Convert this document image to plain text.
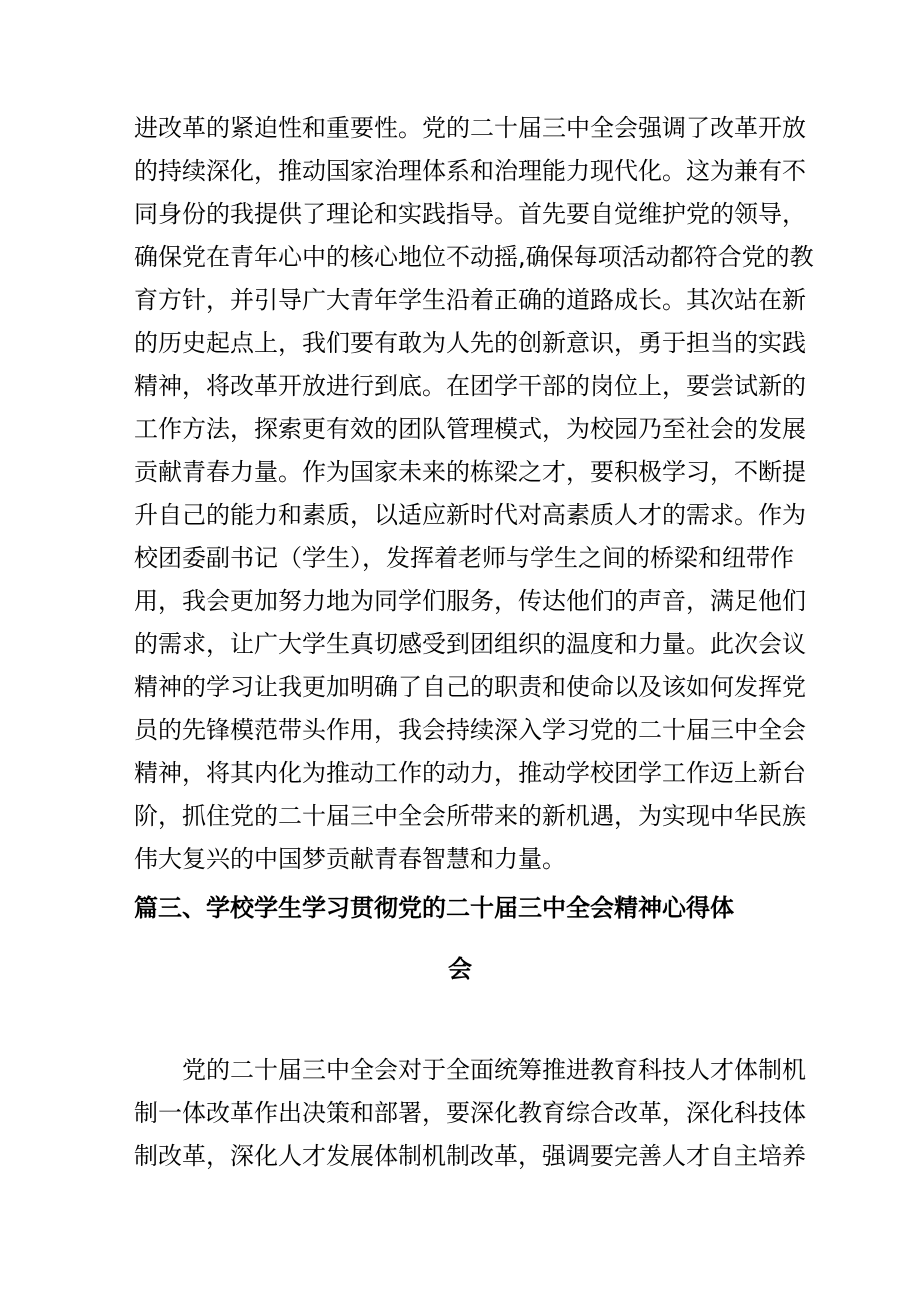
进改革的紧迫性和重要性。党的二十届三中全会强调了改革开放
的持续深化，推动国家治理体系和治理能力现代化。这为兼有不
同身份的我提供了理论和实践指导。首先要自觉维护党的领导，
确保党在青年心中的核心地位不动摇,确保每项活动都符合党的教
育方针，并引导广大青年学生沿着正确的道路成长。其次站在新
的历史起点上，我们要有敢为人先的创新意识，勇于担当的实践
精神，将改革开放进行到底。在团学干部的岗位上，要尝试新的
工作方法，探索更有效的团队管理模式，为校园乃至社会的发展
贡献青春力量。作为国家未来的栋梁之才，要积极学习，不断提
升自己的能力和素质，以适应新时代对高素质人才的需求。作为
校团委副书记（学生），发挥着老师与学生之间的桥梁和纽带作
用，我会更加努力地为同学们服务，传达他们的声音，满足他们
的需求，让广大学生真切感受到团组织的温度和力量。此次会议
精神的学习让我更加明确了自己的职责和使命以及该如何发挥党
员的先锋模范带头作用，我会持续深入学习党的二十届三中全会
精神，将其内化为推动工作的动力，推动学校团学工作迈上新台
阶，抓住党的二十届三中全会所带来的新机遇，为实现中华民族
伟大复兴的中国梦贡献青春智慧和力量。
篇三、学校学生学习贯彻党的二十届三中全会精神心得体
会
党的二十届三中全会对于全面统筹推进教育科技人才体制机
制一体改革作出决策和部署，要深化教育综合改革，深化科技体
制改革，深化人才发展体制机制改革，强调要完善人才自主培养
